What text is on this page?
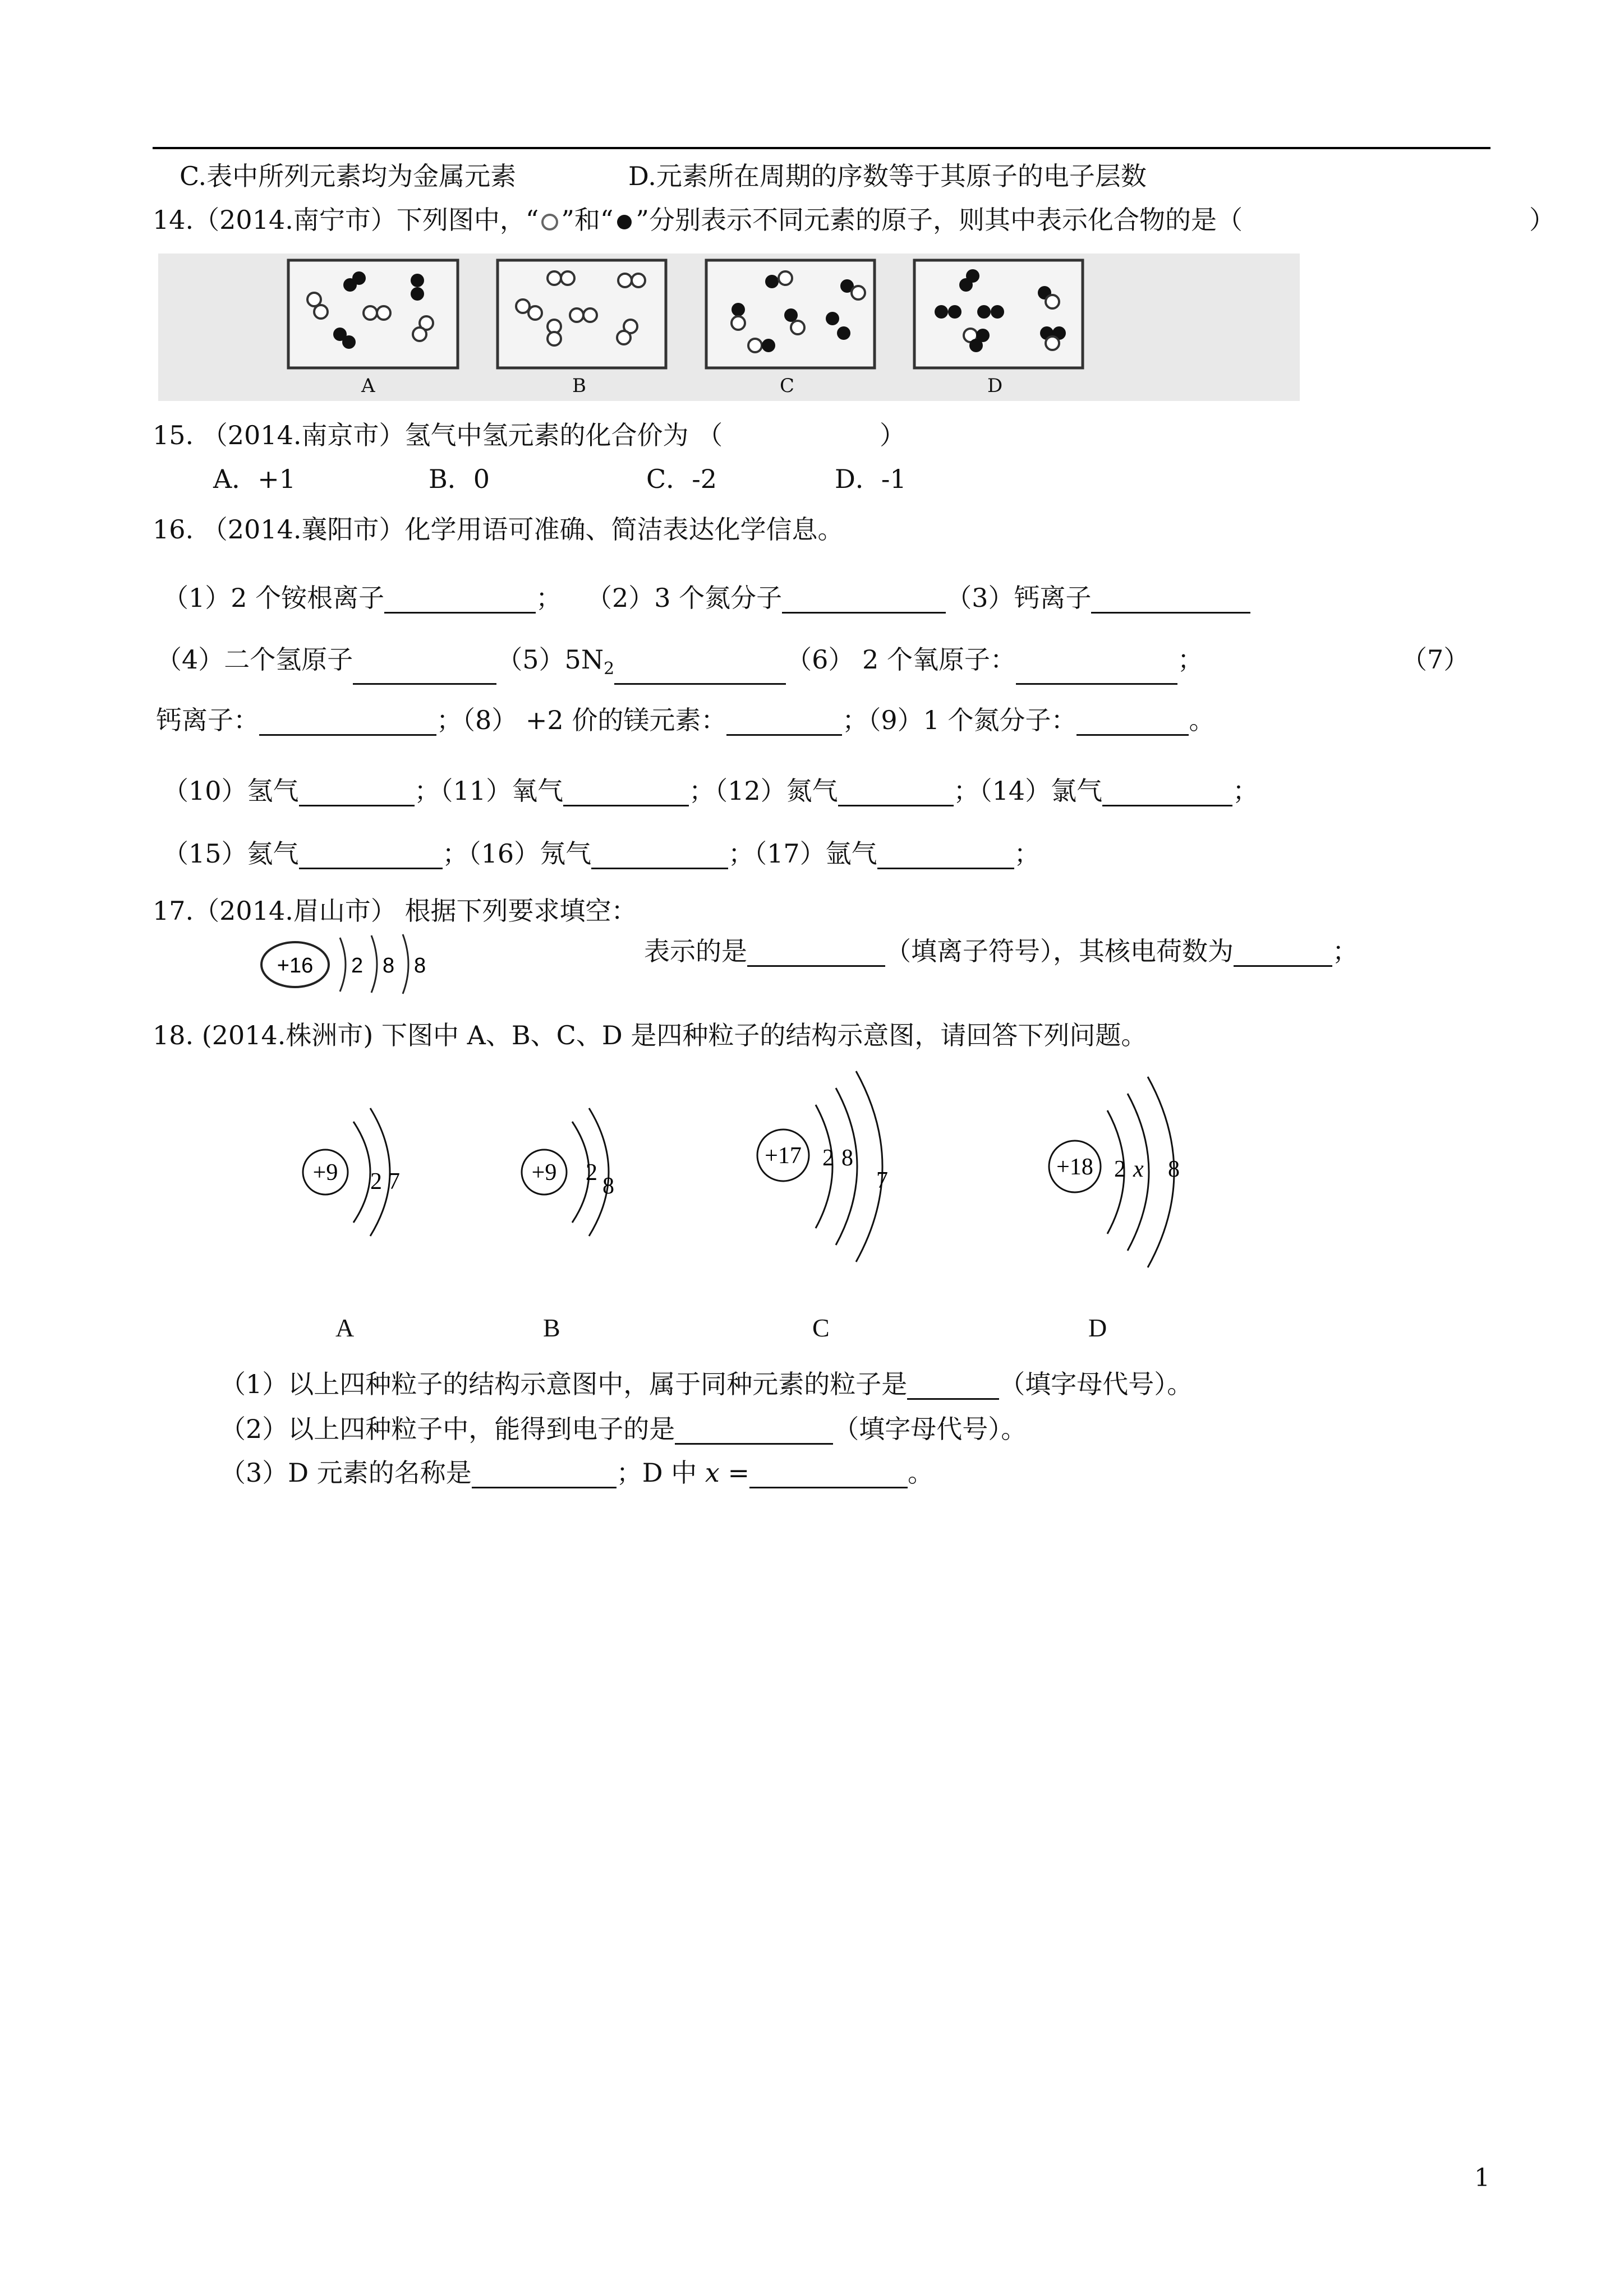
C.表中所列元素均为金属元素	D.元素所在周期的序数等于其原子的电子层数
14.（2014.南宁市）下列图中，“ ”和“ ”分别表示不同元素的原子，则其中表示化合物的是（	）
A	B	C	D
15. （2014.南京市）氢气中氢元素的化合价为 （	）
A．+1	B．0	C．-2	D．-1
16. （2014.襄阳市）化学用语可准确、简洁表达化学信息。
（1）2 个铵根离子	； （2）3 个氮分子	（3）钙离子
（4）二个氢原子	$(5)5N_2$	（6） 2 个氧原子：	；	（7）
钙离子：	；（8） +2 价的镁元素：	；（9）1 个氮分子：	。
（10）氢气	；（11）氧气	；（12）氮气	；（14）氯气	；
（15）氦气	；（16）氖气	；（17）氩气	；
17.（2014.眉山市） 根据下列要求填空：
+16 2 8 8	表示的是	（填离子符号），其核电荷数为	；
18. (2014.株洲市) 下图中 A、B、C、D 是四种粒子的结构示意图，请回答下列问题。
+9 2 7	+9 2
8
+17 2 8
7
+18 2 x 8
A	B	C	D
（1）以上四种粒子的结构示意图中，属于同种元素的粒子是	（填字母代号）。
（2）以上四种粒子中，能得到电子的是	（填字母代号）。
（3）D 元素的名称是	；D 中 x =	。
1
